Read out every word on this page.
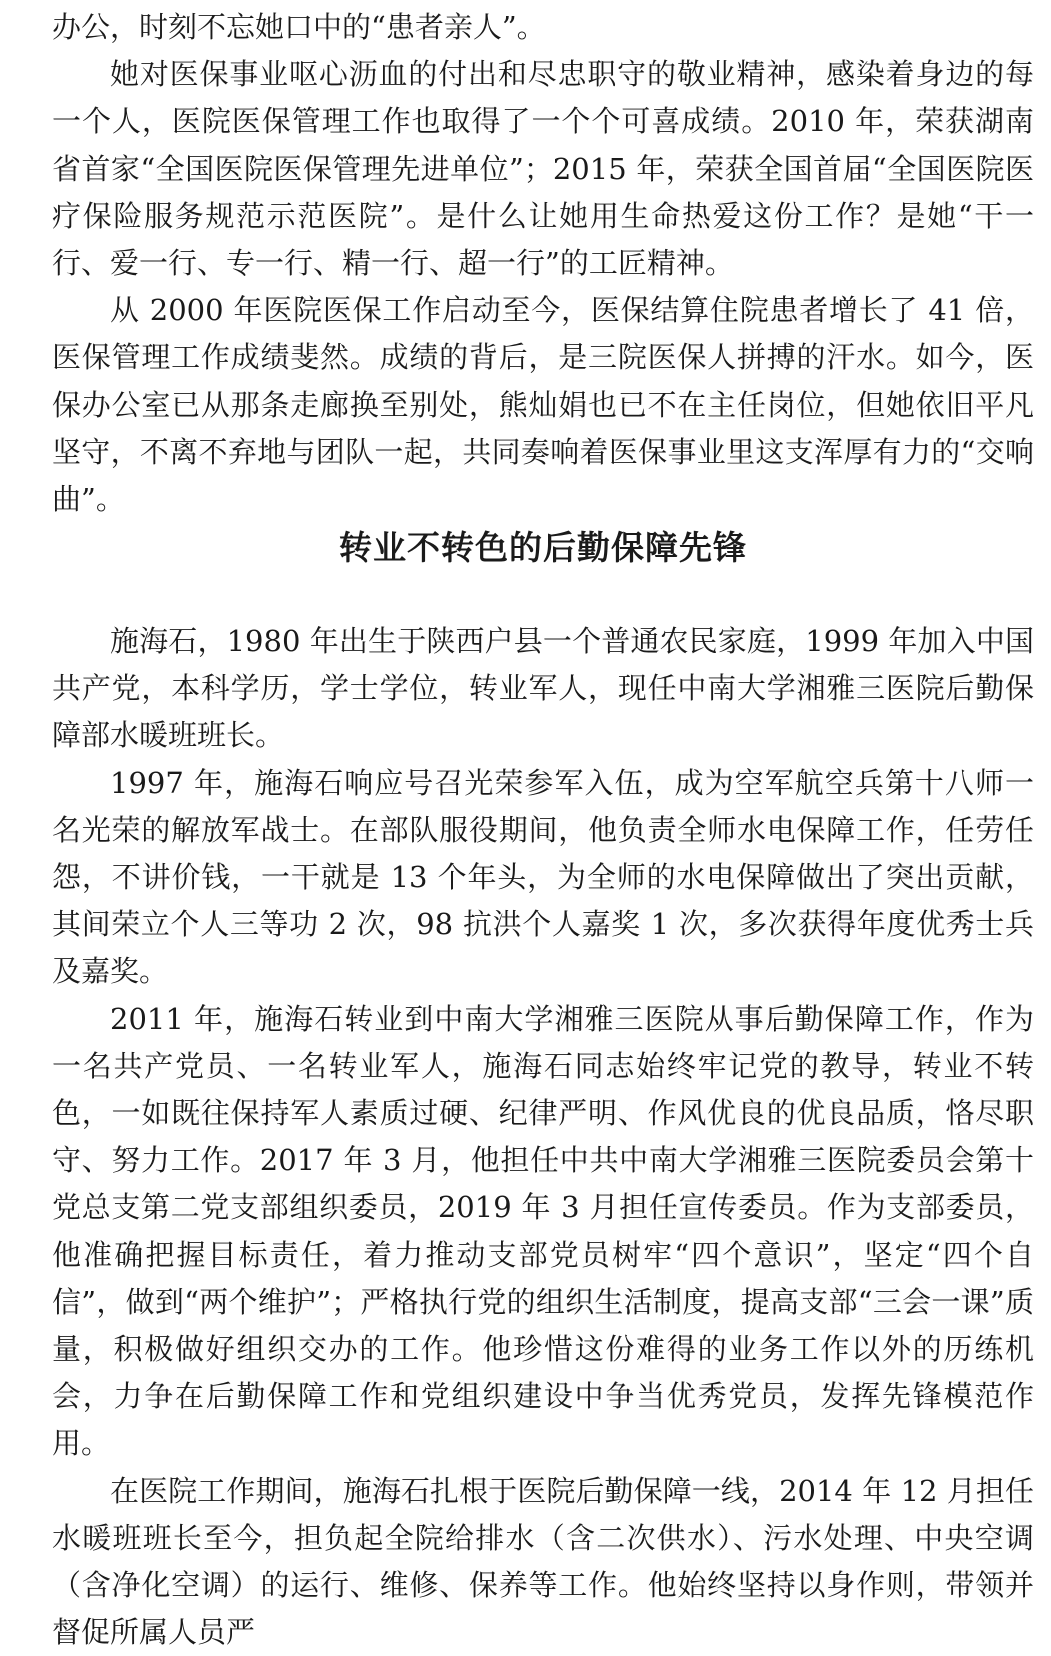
办公，时刻不忘她口中的“患者亲人”。

她对医保事业呕心沥血的付出和尽忠职守的敬业精神，感染着身边的每一个人，医院医保管理工作也取得了一个个可喜成绩。2010 年，荣获湖南省首家“全国医院医保管理先进单位”；2015 年，荣获全国首届“全国医院医疗保险服务规范示范医院”。是什么让她用生命热爱这份工作？是她“干一行、爱一行、专一行、精一行、超一行”的工匠精神。

从 2000 年医院医保工作启动至今，医保结算住院患者增长了 41 倍，医保管理工作成绩斐然。成绩的背后，是三院医保人拼搏的汗水。如今，医保办公室已从那条走廊换至别处，熊灿娟也已不在主任岗位，但她依旧平凡坚守，不离不弃地与团队一起，共同奏响着医保事业里这支浑厚有力的“交响曲”。

转业不转色的后勤保障先锋

施海石，1980 年出生于陕西户县一个普通农民家庭，1999 年加入中国共产党，本科学历，学士学位，转业军人，现任中南大学湘雅三医院后勤保障部水暖班班长。

1997 年，施海石响应号召光荣参军入伍，成为空军航空兵第十八师一名光荣的解放军战士。在部队服役期间，他负责全师水电保障工作，任劳任怨，不讲价钱，一干就是 13 个年头，为全师的水电保障做出了突出贡献，其间荣立个人三等功 2 次，98 抗洪个人嘉奖 1 次，多次获得年度优秀士兵及嘉奖。

2011 年，施海石转业到中南大学湘雅三医院从事后勤保障工作，作为一名共产党员、一名转业军人，施海石同志始终牢记党的教导，转业不转色，一如既往保持军人素质过硬、纪律严明、作风优良的优良品质，恪尽职守、努力工作。2017 年 3 月，他担任中共中南大学湘雅三医院委员会第十党总支第二党支部组织委员，2019 年 3 月担任宣传委员。作为支部委员，他准确把握目标责任，着力推动支部党员树牢“四个意识”，坚定“四个自信”，做到“两个维护”；严格执行党的组织生活制度，提高支部“三会一课”质量，积极做好组织交办的工作。他珍惜这份难得的业务工作以外的历练机会，力争在后勤保障工作和党组织建设中争当优秀党员，发挥先锋模范作用。

在医院工作期间，施海石扎根于医院后勤保障一线，2014 年 12 月担任水暖班班长至今，担负起全院给排水（含二次供水）、污水处理、中央空调（含净化空调）的运行、维修、保养等工作。他始终坚持以身作则，带领并督促所属人员严
